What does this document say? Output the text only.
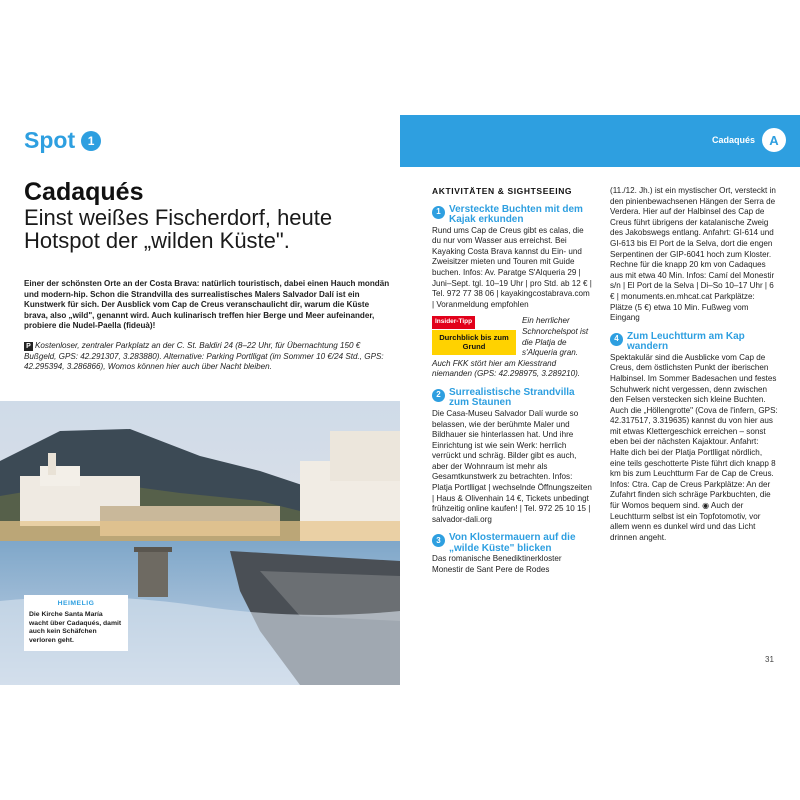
Spot	1
Cadaqués
Einst weißes Fischerdorf, heute Hotspot der „wilden Küste".
Einer der schönsten Orte an der Costa Brava: natürlich touristisch, dabei einen Hauch mondän und modern-hip. Schon die Strandvilla des surrealistisches Malers Salvador Dalí ist ein Kunstwerk für sich. Der Ausblick vom Cap de Creus veranschaulicht dir, warum die Küste brava, also „wild", genannt wird. Auch kulinarisch treffen hier Berge und Meer aufeinander, probiere die Nudel-Paella (fideuà)!
P Kostenloser, zentraler Parkplatz an der C. St. Baldiri 24 (8–22 Uhr, für Übernachtung 150 € Bußgeld, GPS: 42.291307, 3.283880). Alternative: Parking Portlligat (im Sommer 10 €/24 Std., GPS: 42.295394, 3.286866), Womos können hier auch über Nacht bleiben.
HEIMELIG
Die Kirche Santa María wacht über Cadaqués, damit auch kein Schäfchen verloren geht.
Cadaqués	A
AKTIVITÄTEN & SIGHTSEEING
1 Versteckte Buchten mit dem Kajak erkunden
Rund ums Cap de Creus gibt es calas, die du nur vom Wasser aus erreichst. Bei Kayaking Costa Brava kannst du Ein- und Zweisitzer mieten und Touren mit Guide buchen. Infos: Av. Paratge S'Alqueria 29 | Juni–Sept. tgl. 10–19 Uhr | pro Std. ab 12 € | Tel. 972 77 38 06 | kayakingcostabrava.com | Voranmeldung empfohlen
Insider-Tipp
Durchblick bis zum Grund
Ein herrlicher Schnorchelspot ist die Platja de s'Alqueria gran.
Auch FKK stört hier am Kiesstrand niemanden (GPS: 42.298975, 3.289210).
2 Surrealistische Strandvilla zum Staunen
Die Casa-Museu Salvador Dalí wurde so belassen, wie der berühmte Maler und Bildhauer sie hinterlassen hat. Und ihre Einrichtung ist wie sein Werk: herrlich verrückt und schräg. Bilder gibt es auch, aber der Wohnraum ist mehr als Gesamtkunstwerk zu betrachten. Infos: Platja Portlligat | wechselnde Öffnungszeiten | Haus & Olivenhain 14 €, Tickets unbedingt frühzeitig online kaufen! | Tel. 972 25 10 15 | salvador-dali.org
3 Von Klostermauern auf die „wilde Küste" blicken
Das romanische Benediktinerkloster Monestir de Sant Pere de Rodes
(11./12. Jh.) ist ein mystischer Ort, versteckt in den pinienbewachsenen Hängen der Serra de Verdera. Hier auf der Halbinsel des Cap de Creus führt übrigens der katalanische Zweig des Jakobswegs entlang. Anfahrt: GI-614 und GI-613 bis El Port de la Selva, dort die engen Serpentinen der GIP-6041 hoch zum Kloster. Rechne für die knapp 20 km von Cadaques aus mit etwa 40 Min. Infos: Camí del Monestir s/n | El Port de la Selva | Di–So 10–17 Uhr | 6 € | monuments.en.mhcat.cat Parkplätze: Plätze (5 €) etwa 10 Min. Fußweg vom Eingang
4 Zum Leuchtturm am Kap wandern
Spektakulär sind die Ausblicke vom Cap de Creus, dem östlichsten Punkt der iberischen Halbinsel. Im Sommer Badesachen und festes Schuhwerk nicht vergessen, denn zwischen den Felsen verstecken sich kleine Buchten. Auch die „Höllengrotte" (Cova de l'infern, GPS: 42.317517, 3.319635) kannst du von hier aus mit etwas Klettergeschick erreichen – sonst eben bei der nächsten Kajaktour. Anfahrt: Halte dich bei der Platja Portlligat nördlich, eine teils geschotterte Piste führt dich knapp 8 km bis zum Leuchtturm Far de Cap de Creus. Infos: Ctra. Cap de Creus Parkplätze: An der Zufahrt finden sich schräge Parkbuchten, die für Womos bequem sind. ◉ Auch der Leuchtturm selbst ist ein Topfotomotiv, vor allem wenn es dunkel wird und das Licht drinnen angeht.
31
